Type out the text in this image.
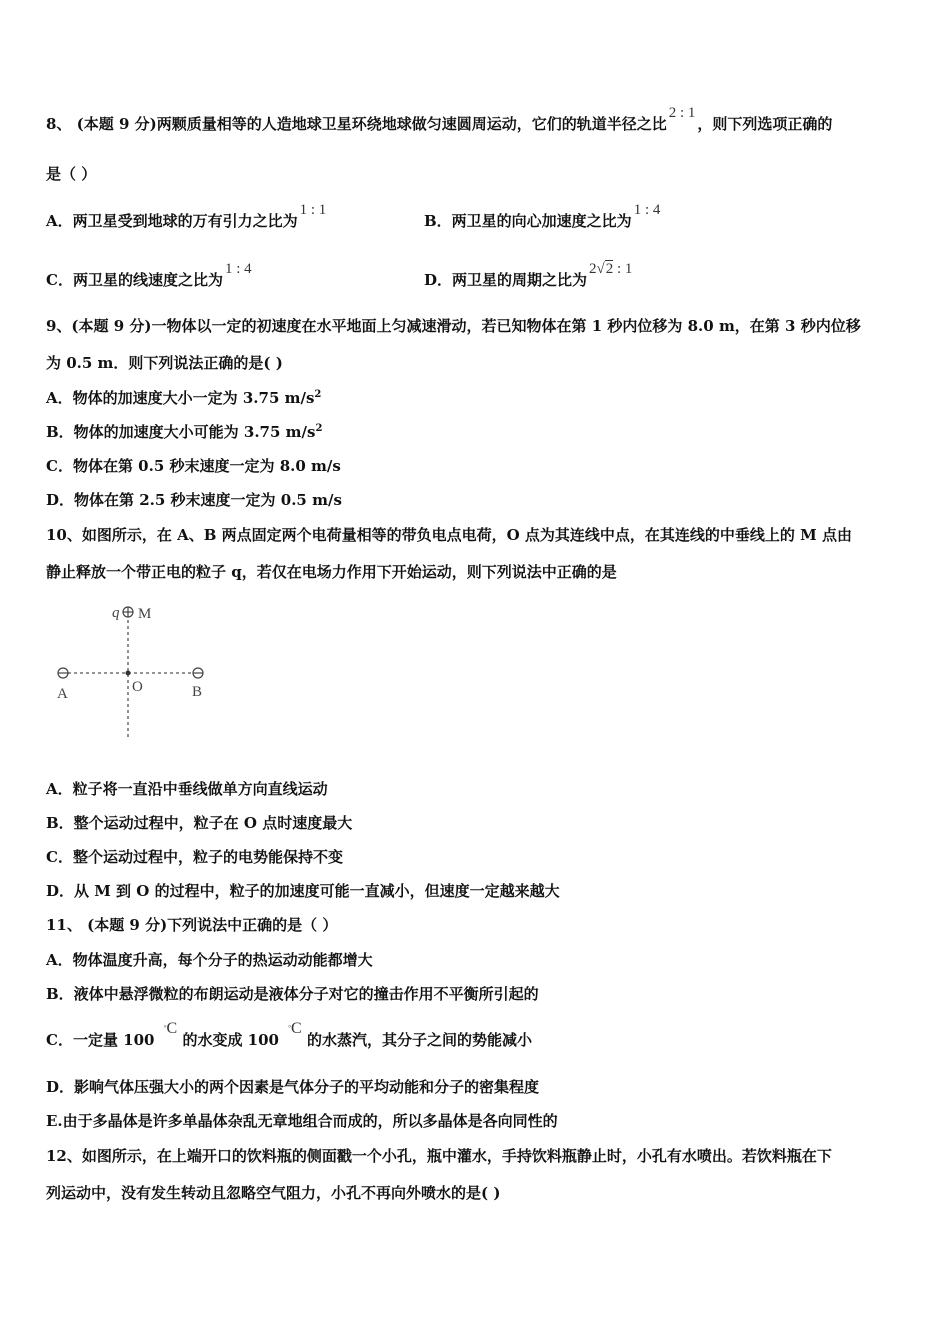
8、 (本题 9 分)两颗质量相等的人造地球卫星环绕地球做匀速圆周运动，它们的轨道半径之比2 : 1，则下列选项正确的
是（ ）
A．两卫星受到地球的万有引力之比为1 : 1
B．两卫星的向心加速度之比为1 : 4
C．两卫星的线速度之比为1 : 4
D．两卫星的周期之比为2√2 : 1
9、(本题 9 分)一物体以一定的初速度在水平地面上匀减速滑动，若已知物体在第 1 秒内位移为 8.0 m，在第 3 秒内位移
为 0.5 m．则下列说法正确的是( )
A．物体的加速度大小一定为 3.75 $m/s^2$
B．物体的加速度大小可能为 3.75 $m/s^2$
C．物体在第 0.5 秒末速度一定为 8.0 m/s
D．物体在第 2.5 秒末速度一定为 0.5 m/s
10、如图所示，在 A、B 两点固定两个电荷量相等的带负电点电荷，O 点为其连线中点，在其连线的中垂线上的 M 点由
静止释放一个带正电的粒子 q，若仅在电场力作用下开始运动，则下列说法中正确的是
q M
A	O	B
A．粒子将一直沿中垂线做单方向直线运动
B．整个运动过程中，粒子在 O 点时速度最大
C．整个运动过程中，粒子的电势能保持不变
D．从 M 到 O 的过程中，粒子的加速度可能一直减小，但速度一定越来越大
11、 (本题 9 分)下列说法中正确的是（ ）
A．物体温度升高，每个分子的热运动动能都增大
B．液体中悬浮微粒的布朗运动是液体分子对它的撞击作用不平衡所引起的
C．一定量 100 °C 的水变成 100 °C 的水蒸汽，其分子之间的势能减小
D．影响气体压强大小的两个因素是气体分子的平均动能和分子的密集程度
E.由于多晶体是许多单晶体杂乱无章地组合而成的，所以多晶体是各向同性的
12、如图所示，在上端开口的饮料瓶的侧面戳一个小孔，瓶中灌水，手持饮料瓶静止时，小孔有水喷出。若饮料瓶在下
列运动中，没有发生转动且忽略空气阻力，小孔不再向外喷水的是( )
